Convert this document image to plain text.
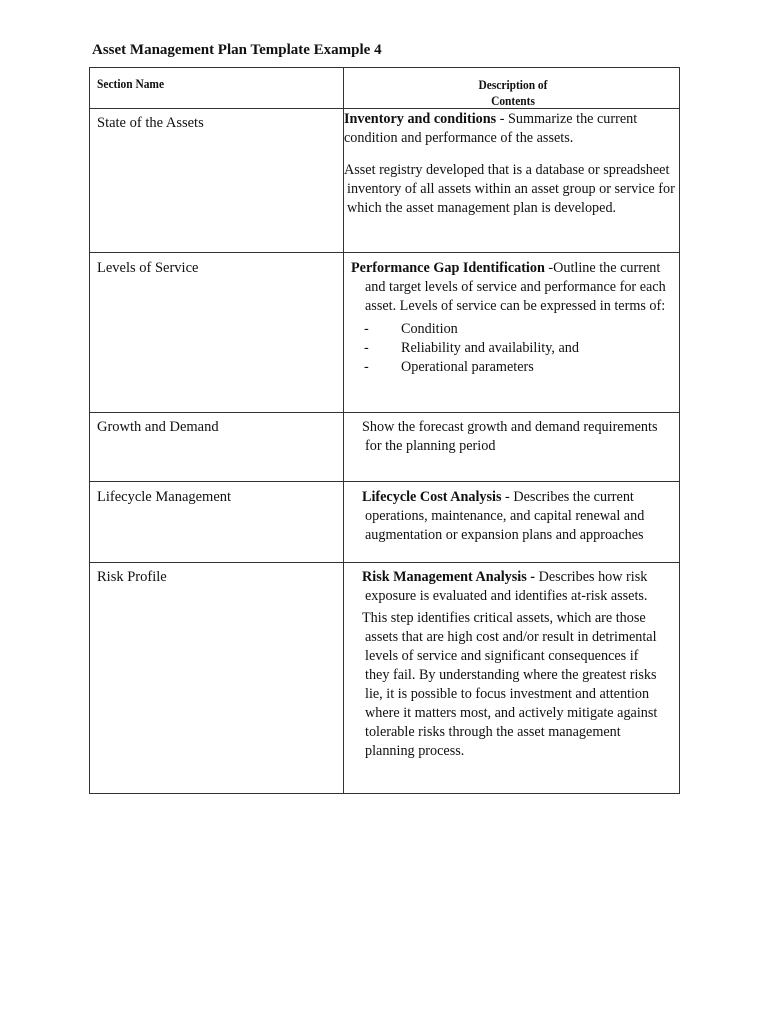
Asset Management Plan Template Example 4
Section Name	Description of
Contents
State of the Assets	Inventory and conditions - Summarize the current condition and performance of the assets.

Asset registry developed that is a database or spreadsheet inventory of all assets within an asset group or service for which the asset management plan is developed.

Levels of Service	Performance Gap Identification -Outline the current and target levels of service and performance for each asset. Levels of service can be expressed in terms of:

- Condition
- Reliability and availability, and
- Operational parameters
Growth and Demand	Show the forecast growth and demand requirements for the planning period

Lifecycle Management	Lifecycle Cost Analysis - Describes the current operations, maintenance, and capital renewal and augmentation or expansion plans and approaches

Risk Profile	Risk Management Analysis - Describes how risk exposure is evaluated and identifies at-risk assets.

This step identifies critical assets, which are those assets that are high cost and/or result in detrimental levels of service and significant consequences if they fail. By understanding where the greatest risks lie, it is possible to focus investment and attention where it matters most, and actively mitigate against tolerable risks through the asset management planning process.
